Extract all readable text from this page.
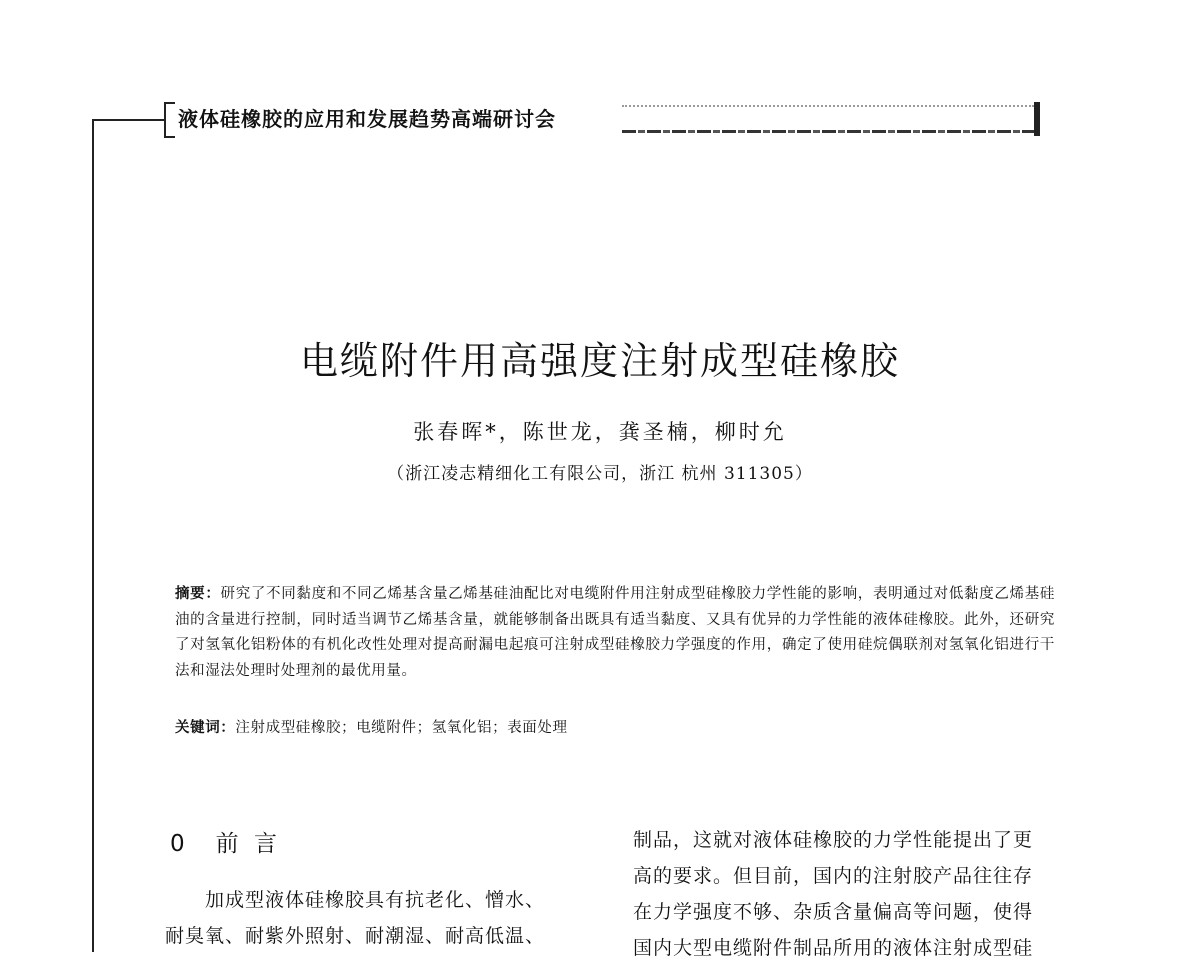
液体硅橡胶的应用和发展趋势高端研讨会
电缆附件用高强度注射成型硅橡胶
张春晖*，陈世龙，龚圣楠，柳时允
（浙江凌志精细化工有限公司，浙江 杭州 311305）
摘要：研究了不同黏度和不同乙烯基含量乙烯基硅油配比对电缆附件用注射成型硅橡胶力学性能的影响，表明通过对低黏度乙烯基硅油的含量进行控制，同时适当调节乙烯基含量，就能够制备出既具有适当黏度、又具有优异的力学性能的液体硅橡胶。此外，还研究了对氢氧化铝粉体的有机化改性处理对提高耐漏电起痕可注射成型硅橡胶力学强度的作用，确定了使用硅烷偶联剂对氢氧化铝进行干法和湿法处理时处理剂的最优用量。
关键词：注射成型硅橡胶；电缆附件；氢氧化铝；表面处理
0　前 言
加成型液体硅橡胶具有抗老化、憎水、
耐臭氧、耐紫外照射、耐潮湿、耐高低温、
制品，这就对液体硅橡胶的力学性能提出了更
高的要求。但目前，国内的注射胶产品往往存
在力学强度不够、杂质含量偏高等问题，使得
国内大型电缆附件制品所用的液体注射成型硅
